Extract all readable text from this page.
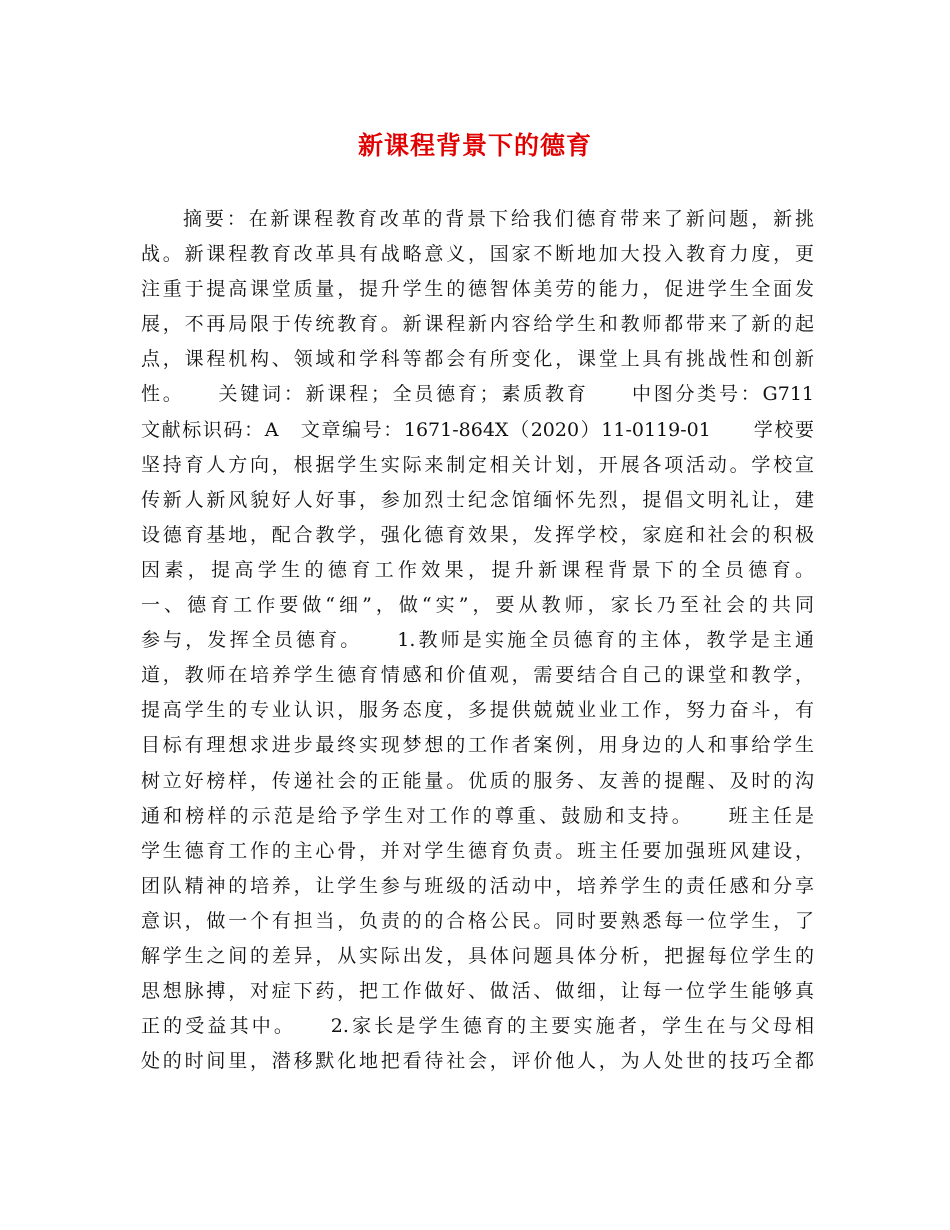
新课程背景下的德育
摘要：在新课程教育改革的背景下给我们德育带来了新问题，新挑
战。新课程教育改革具有战略意义，国家不断地加大投入教育力度，更
注重于提高课堂质量，提升学生的德智体美劳的能力，促进学生全面发
展，不再局限于传统教育。新课程新内容给学生和教师都带来了新的起
点，课程机构、领域和学科等都会有所变化，课堂上具有挑战性和创新
性。　　关键词：新课程；全员德育；素质教育　　中图分类号：G711
文献标识码：A　文章编号：1671-864X（2020）11-0119-01　　学校要
坚持育人方向，根据学生实际来制定相关计划，开展各项活动。学校宣
传新人新风貌好人好事，参加烈士纪念馆缅怀先烈，提倡文明礼让，建
设德育基地，配合教学，强化德育效果，发挥学校，家庭和社会的积极
因素，提高学生的德育工作效果，提升新课程背景下的全员德育。
一、德育工作要做“细”，做“实”，要从教师，家长乃至社会的共同
参与，发挥全员德育。　　1.教师是实施全员德育的主体，教学是主通
道，教师在培养学生德育情感和价值观，需要结合自己的课堂和教学，
提高学生的专业认识，服务态度，多提供兢兢业业工作，努力奋斗，有
目标有理想求进步最终实现梦想的工作者案例，用身边的人和事给学生
树立好榜样，传递社会的正能量。优质的服务、友善的提醒、及时的沟
通和榜样的示范是给予学生对工作的尊重、鼓励和支持。　　班主任是
学生德育工作的主心骨，并对学生德育负责。班主任要加强班风建设，
团队精神的培养，让学生参与班级的活动中，培养学生的责任感和分享
意识，做一个有担当，负责的的合格公民。同时要熟悉每一位学生，了
解学生之间的差异，从实际出发，具体问题具体分析，把握每位学生的
思想脉搏，对症下药，把工作做好、做活、做细，让每一位学生能够真
正的受益其中。　　2.家长是学生德育的主要实施者，学生在与父母相
处的时间里，潜移默化地把看待社会，评价他人，为人处世的技巧全都
